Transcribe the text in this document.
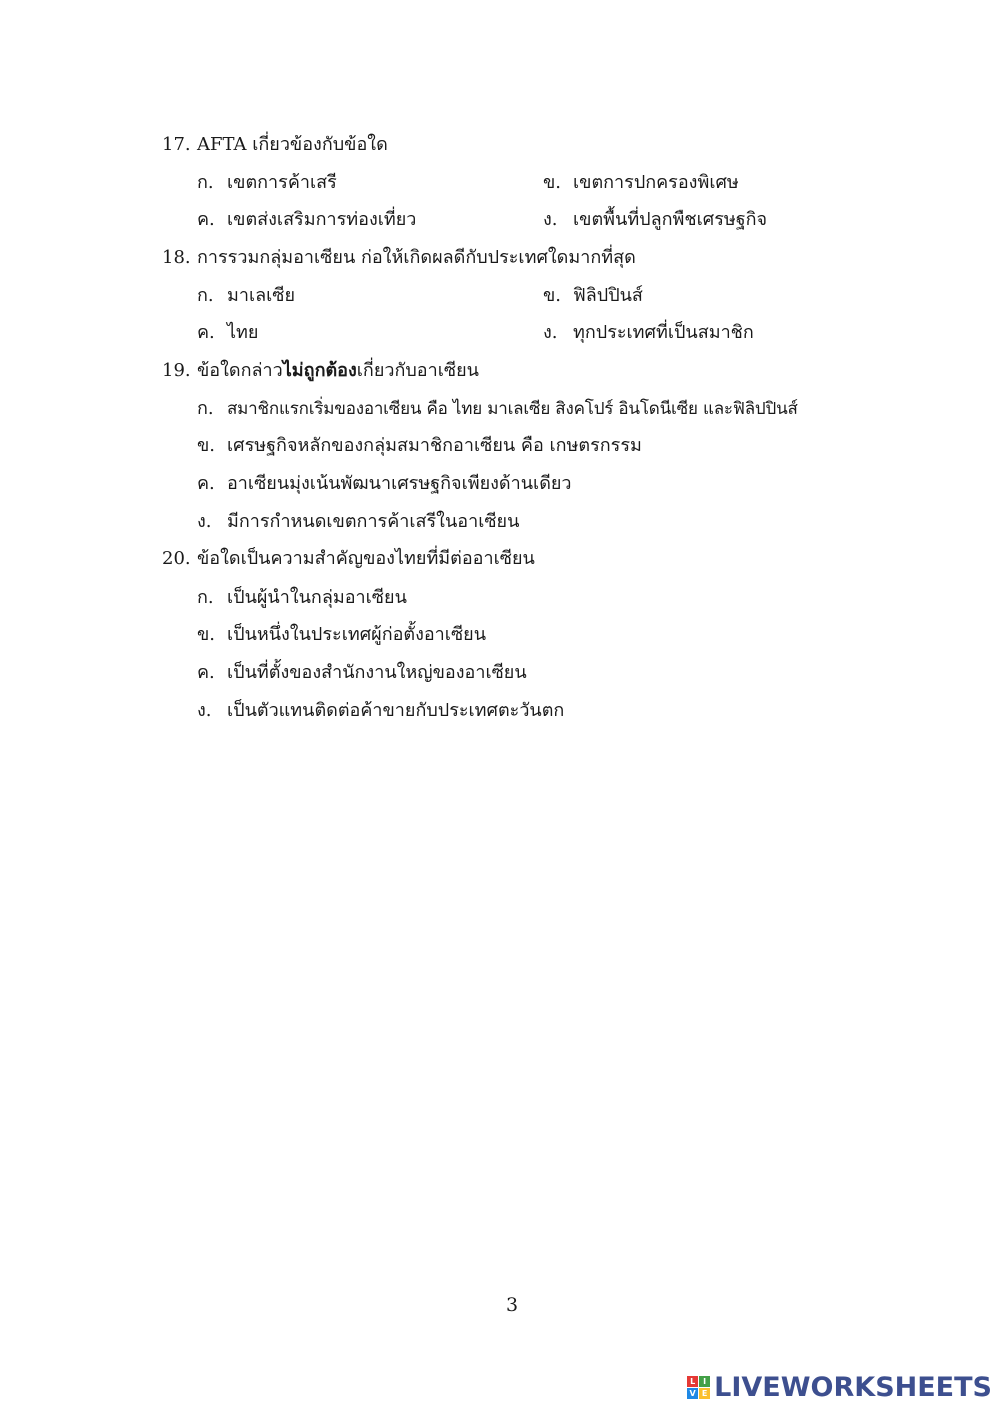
17. AFTA เกี่ยวข้องกับข้อใด
ก. เขตการค้าเสรี	ข. เขตการปกครองพิเศษ
ค. เขตส่งเสริมการท่องเที่ยว	ง. เขตพื้นที่ปลูกพืชเศรษฐกิจ
18. การรวมกลุ่มอาเซียน ก่อให้เกิดผลดีกับประเทศใดมากที่สุด
ก. มาเลเซีย	ข. ฟิลิปปินส์
ค. ไทย	ง. ทุกประเทศที่เป็นสมาชิก
19. ข้อใดกล่าวไม่ถูกต้องเกี่ยวกับอาเซียน
ก. สมาชิกแรกเริ่มของอาเซียน คือ ไทย มาเลเซีย สิงคโปร์ อินโดนีเซีย และฟิลิปปินส์
ข. เศรษฐกิจหลักของกลุ่มสมาชิกอาเซียน คือ เกษตรกรรม
ค. อาเซียนมุ่งเน้นพัฒนาเศรษฐกิจเพียงด้านเดียว
ง. มีการกำหนดเขตการค้าเสรีในอาเซียน
20. ข้อใดเป็นความสำคัญของไทยที่มีต่ออาเซียน
ก. เป็นผู้นำในกลุ่มอาเซียน
ข. เป็นหนึ่งในประเทศผู้ก่อตั้งอาเซียน
ค. เป็นที่ตั้งของสำนักงานใหญ่ของอาเซียน
ง. เป็นตัวแทนติดต่อค้าขายกับประเทศตะวันตก
3
L I
V E LIVEWORKSHEETS
